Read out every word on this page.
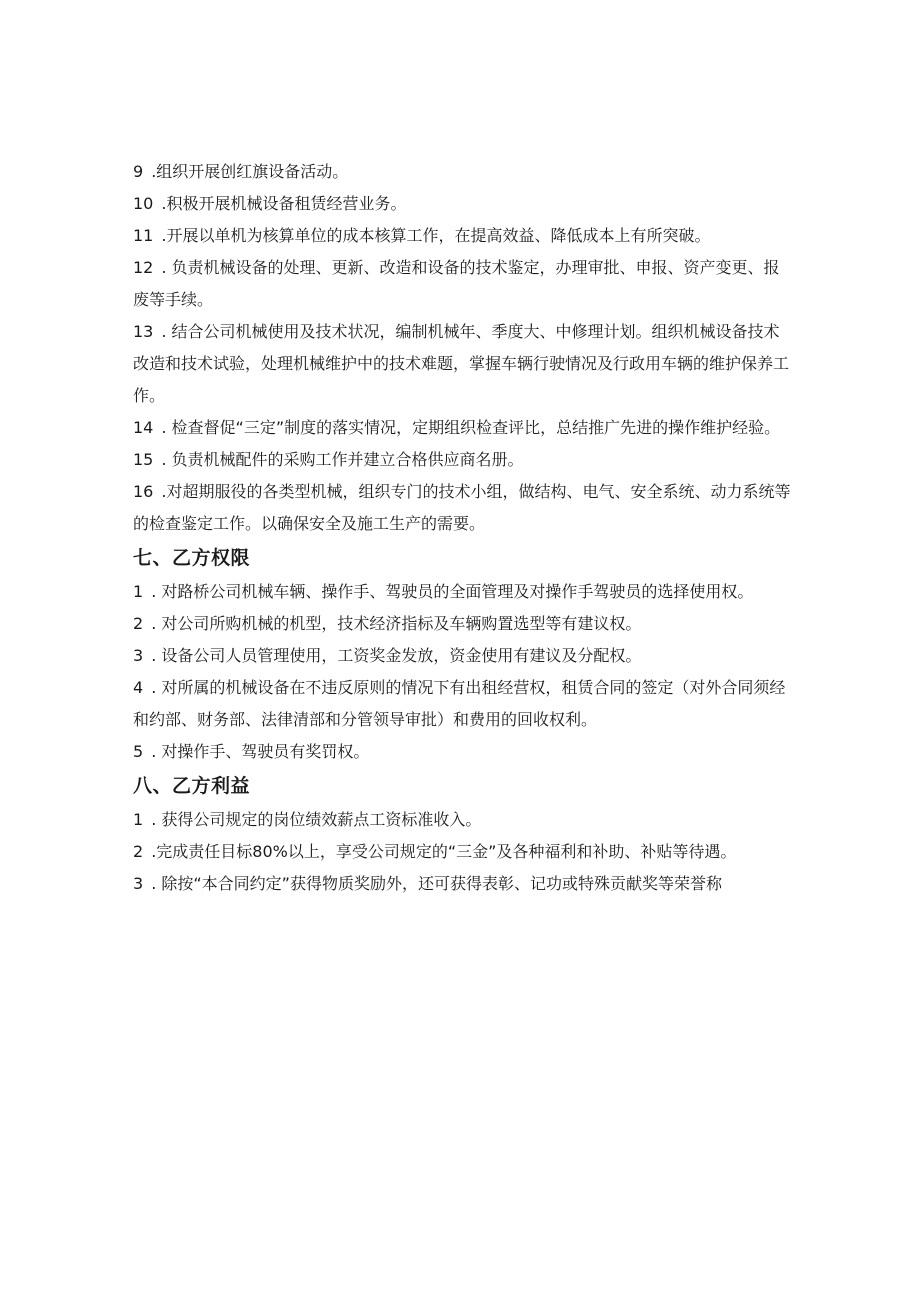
9 .组织开展创红旗设备活动。

10 .积极开展机械设备租赁经营业务。

11 .开展以单机为核算单位的成本核算工作，在提高效益、降低成本上有所突破。

12 . 负责机械设备的处理、更新、改造和设备的技术鉴定，办理审批、申报、资产变更、报废等手续。

13 . 结合公司机械使用及技术状况，编制机械年、季度大、中修理计划。组织机械设备技术改造和技术试验，处理机械维护中的技术难题，掌握车辆行驶情况及行政用车辆的维护保养工作。

14 . 检查督促“三定”制度的落实情况，定期组织检查评比，总结推广先进的操作维护经验。

15 . 负责机械配件的采购工作并建立合格供应商名册。

16 .对超期服役的各类型机械，组织专门的技术小组，做结构、电气、安全系统、动力系统等的检查鉴定工作。以确保安全及施工生产的需要。

七、乙方权限

1 . 对路桥公司机械车辆、操作手、驾驶员的全面管理及对操作手驾驶员的选择使用权。

2 . 对公司所购机械的机型，技术经济指标及车辆购置选型等有建议权。

3 . 设备公司人员管理使用，工资奖金发放，资金使用有建议及分配权。

4 . 对所属的机械设备在不违反原则的情况下有出租经营权，租赁合同的签定（对外合同须经和约部、财务部、法律清部和分管领导审批）和费用的回收权利。

5 . 对操作手、驾驶员有奖罚权。

八、乙方利益

1 . 获得公司规定的岗位绩效薪点工资标准收入。

2 .完成责任目标80%以上，享受公司规定的“三金”及各种福利和补助、补贴等待遇。

3 . 除按“本合同约定”获得物质奖励外，还可获得表彰、记功或特殊贡献奖等荣誉称
